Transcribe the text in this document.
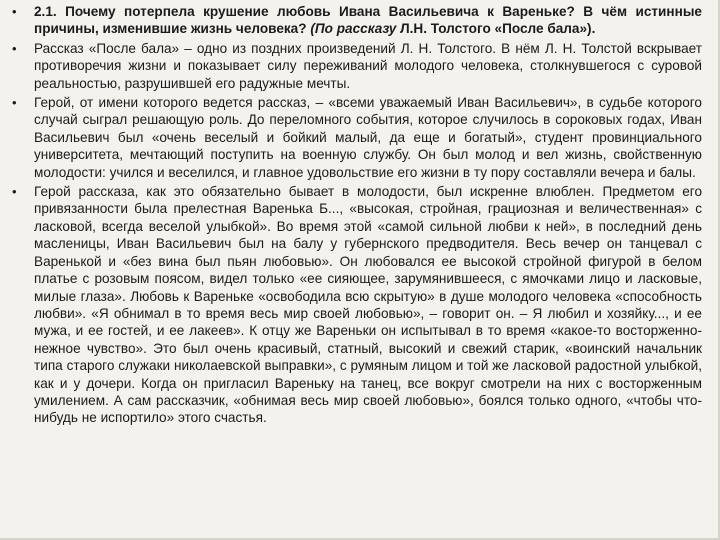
•	2.1. Почему потерпела крушение любовь Ивана Васильевича к Вареньке? В чём истинные причины, изменившие жизнь человека? (По рассказу Л.Н. Толстого «После бала»).
•	Рассказ «После бала» – одно из поздних произведений Л. Н. Толстого. В нём Л. Н. Толстой вскрывает противоречия жизни и показывает силу переживаний молодого человека, столкнувшегося с суровой реальностью, разрушившей его радужные мечты.
•	Герой, от имени которого ведется рассказ, – «всеми уважаемый Иван Васильевич», в судьбе которого случай сыграл решающую роль. До переломного события, которое случилось в сороковых годах, Иван Васильевич был «очень веселый и бойкий малый, да еще и богатый», студент провинциального университета, мечтающий поступить на военную службу. Он был молод и вел жизнь, свойственную молодости: учился и веселился, и главное удовольствие его жизни в ту пору составляли вечера и балы.
•	Герой рассказа, как это обязательно бывает в молодости, был искренне влюблен. Предметом его привязанности была прелестная Варенька Б..., «высокая, стройная, грациозная и величественная» с ласковой, всегда веселой улыбкой». Во время этой «самой сильной любви к ней», в последний день масленицы, Иван Васильевич был на балу у губернского предводителя. Весь вечер он танцевал с Варенькой и «без вина был пьян любовью». Он любовался ее высокой стройной фигурой в белом платье с розовым поясом, видел только «ее сияющее, зарумянившееся, с ямочками лицо и ласковые, милые глаза». Любовь к Вареньке «освободила всю скрытую» в душе молодого человека «способность любви». «Я обнимал в то время весь мир своей любовью», – говорит он. – Я любил и хозяйку..., и ее мужа, и ее гостей, и ее лакеев». К отцу же Вареньки он испытывал в то время «какое-то восторженно-нежное чувство». Это был очень красивый, статный, высокий и свежий старик, «воинский начальник типа старого служаки николаевской выправки», с румяным лицом и той же ласковой радостной улыбкой, как и у дочери. Когда он пригласил Вареньку на танец, все вокруг смотрели на них с восторженным умилением. А сам рассказчик, «обнимая весь мир своей любовью», боялся только одного, «чтобы что-нибудь не испортило» этого счастья.
